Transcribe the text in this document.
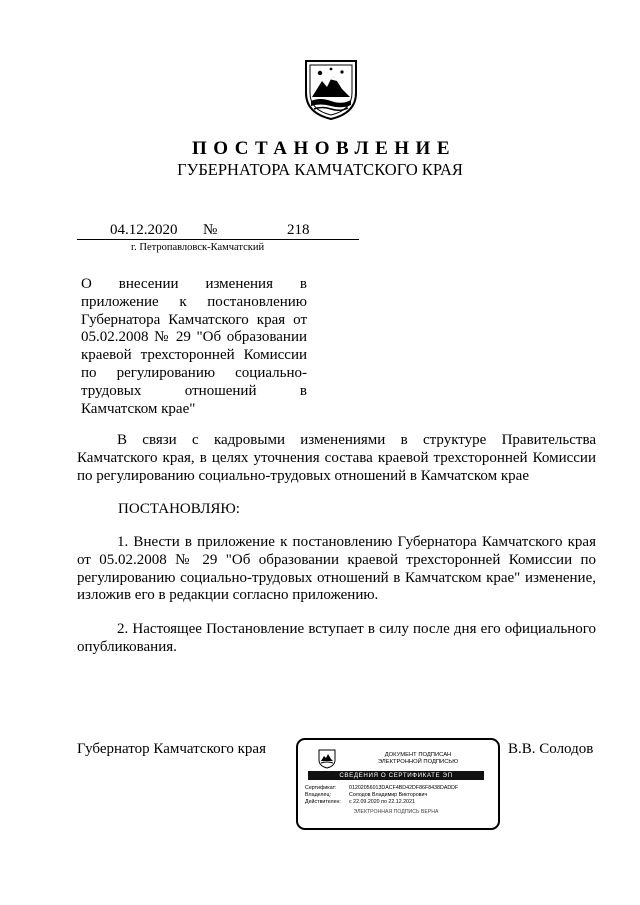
ПОСТАНОВЛЕНИЕ
ГУБЕРНАТОРА КАМЧАТСКОГО КРАЯ
04.12.2020 №	218
г. Петропавловск-Камчатский
О внесении изменения в приложение к постановлению Губернатора Камчатского края от 05.02.2008 № 29 "Об образовании краевой трехсторонней Комиссии по регулированию социально-трудовых отношений в Камчатском крае"
В связи с кадровыми изменениями в структуре Правительства Камчатского края, в целях уточнения состава краевой трехсторонней Комиссии по регулированию социально-трудовых отношений в Камчатском крае
ПОСТАНОВЛЯЮ:
1. Внести в приложение к постановлению Губернатора Камчатского края от 05.02.2008 № 29 "Об образовании краевой трехсторонней Комиссии по регулированию социально-трудовых отношений в Камчатском крае" изменение, изложив его в редакции согласно приложению.
2. Настоящее Постановление вступает в силу после дня его официального опубликования.
Губернатор Камчатского края	В.В. Солодов
ДОКУМЕНТ ПОДПИСАН
ЭЛЕКТРОННОЙ ПОДПИСЬЮ
СВЕДЕНИЯ О СЕРТИФИКАТЕ ЭП
Сертификат: 01202056013DACF4BD42DF86F8438DADDF
Владелец:	Солодов Владимир Викторович
Действителен: с 22.09.2020 по 22.12.2021
ЭЛЕКТРОННАЯ ПОДПИСЬ ВЕРНА
